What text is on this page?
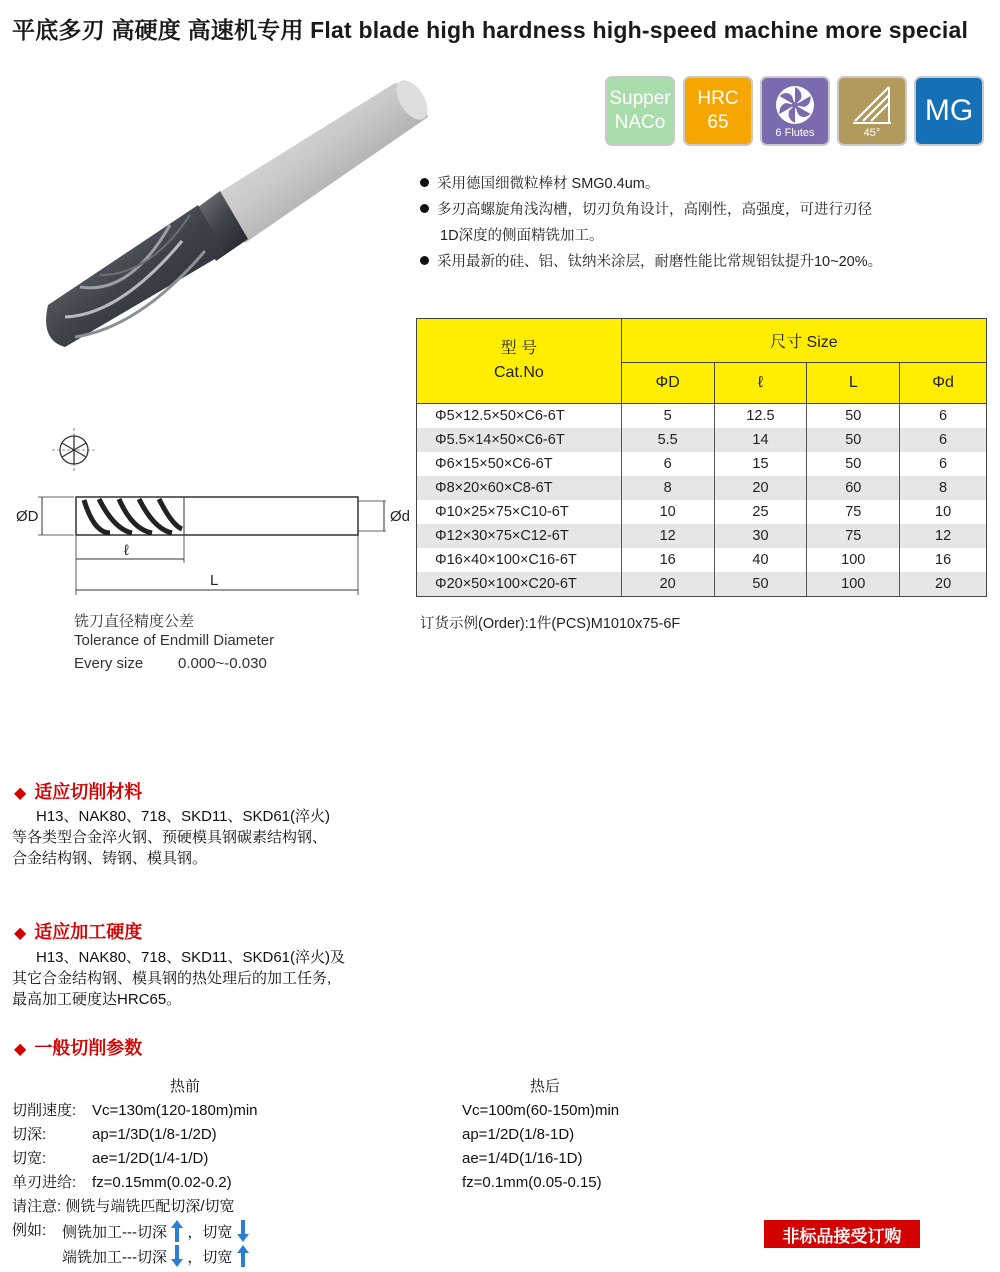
平底多刃 高硬度 高速机专用 Flat blade high hardness high-speed machine more special
Supper
NACo
HRC
65	6 Flutes	45°
MG
采用德国细微粒棒材 SMG0.4um。
多刃高螺旋角浅沟槽，切刃负角设计，高刚性，高强度，可进行刃径
1D深度的侧面精铣加工。
采用最新的硅、铝、钛纳米涂层，耐磨性能比常规铝钛提升10~20%。
型 号
Cat.No	尺寸 Size			
	ΦD	ℓ	L	Φd
Φ5×12.5×50×C6-6T	5	12.5	50	6
Φ5.5×14×50×C6-6T	5.5	14	50	6
Φ6×15×50×C6-6T	6	15	50	6
Φ8×20×60×C8-6T	8	20	60	8
Φ10×25×75×C10-6T	10	25	75	10
Φ12×30×75×C12-6T	12	30	75	12
Φ16×40×100×C16-6T	16	40	100	16
Φ20×50×100×C20-6T	20	50	100	20
订货示例(Order):1件(PCS)M1010x75-6F
ØD	Ød
ℓ
L
铣刀直径精度公差
Tolerance of Endmill Diameter
Every size 0.000~-0.030
◆ 适应切削材料
H13、NAK80、718、SKD11、SKD61(淬火)
等各类型合金淬火钢、预硬模具钢碳素结构钢、
合金结构钢、铸钢、模具钢。
◆ 适应加工硬度
H13、NAK80、718、SKD11、SKD61(淬火)及
其它合金结构钢、模具钢的热处理后的加工任务,
最高加工硬度达HRC65。
◆ 一般切削参数
热前	热后
切削速度: Vc=130m(120-180m)min	Vc=100m(60-150m)min
切深:	ap=1/3D(1/8-1/2D)	ap=1/2D(1/8-1D)
切宽:	ae=1/2D(1/4-1/D)	ae=1/4D(1/16-1D)
单刃进给: fz=0.15mm(0.02-0.2)	fz=0.1mm(0.05-0.15)
请注意: 侧铣与端铣匹配切深/切宽
例如: 侧铣加工---切深 ，切宽
端铣加工---切深 ，切宽
非标品接受订购
